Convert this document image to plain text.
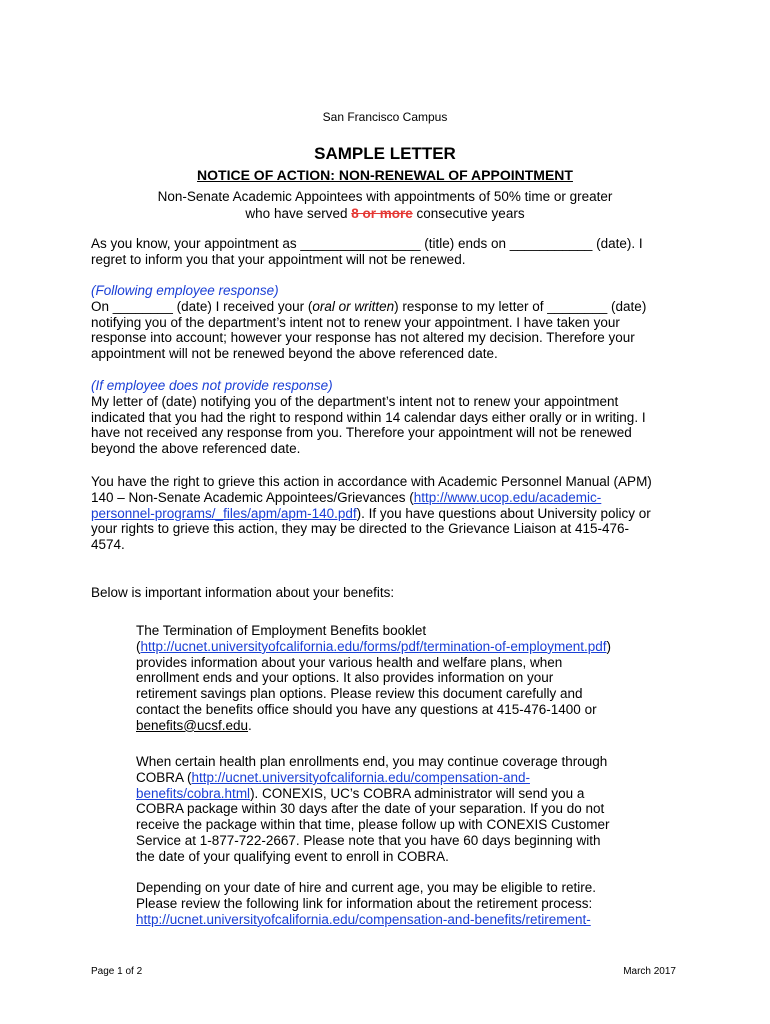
San Francisco Campus
SAMPLE LETTER
NOTICE OF ACTION: NON-RENEWAL OF APPOINTMENT
Non-Senate Academic Appointees with appointments of 50% time or greater
who have served 8 or more consecutive years
As you know, your appointment as ________________ (title) ends on ___________ (date). I
regret to inform you that your appointment will not be renewed.
(Following employee response)
On ________ (date) I received your (oral or written) response to my letter of ________ (date)
notifying you of the department’s intent not to renew your appointment. I have taken your
response into account; however your response has not altered my decision. Therefore your
appointment will not be renewed beyond the above referenced date.
(If employee does not provide response)
My letter of (date) notifying you of the department’s intent not to renew your appointment
indicated that you had the right to respond within 14 calendar days either orally or in writing. I
have not received any response from you. Therefore your appointment will not be renewed
beyond the above referenced date.
You have the right to grieve this action in accordance with Academic Personnel Manual (APM)
140 – Non-Senate Academic Appointees/Grievances (http://www.ucop.edu/academic-
personnel-programs/_files/apm/apm-140.pdf). If you have questions about University policy or
your rights to grieve this action, they may be directed to the Grievance Liaison at 415-476-
4574.
Below is important information about your benefits:
The Termination of Employment Benefits booklet
(http://ucnet.universityofcalifornia.edu/forms/pdf/termination-of-employment.pdf)
provides information about your various health and welfare plans, when
enrollment ends and your options. It also provides information on your
retirement savings plan options. Please review this document carefully and
contact the benefits office should you have any questions at 415-476-1400 or
benefits@ucsf.edu.
When certain health plan enrollments end, you may continue coverage through
COBRA (http://ucnet.universityofcalifornia.edu/compensation-and-
benefits/cobra.html). CONEXIS, UC’s COBRA administrator will send you a
COBRA package within 30 days after the date of your separation. If you do not
receive the package within that time, please follow up with CONEXIS Customer
Service at 1-877-722-2667. Please note that you have 60 days beginning with
the date of your qualifying event to enroll in COBRA.
Depending on your date of hire and current age, you may be eligible to retire.
Please review the following link for information about the retirement process:
http://ucnet.universityofcalifornia.edu/compensation-and-benefits/retirement-
Page 1 of 2	March 2017
